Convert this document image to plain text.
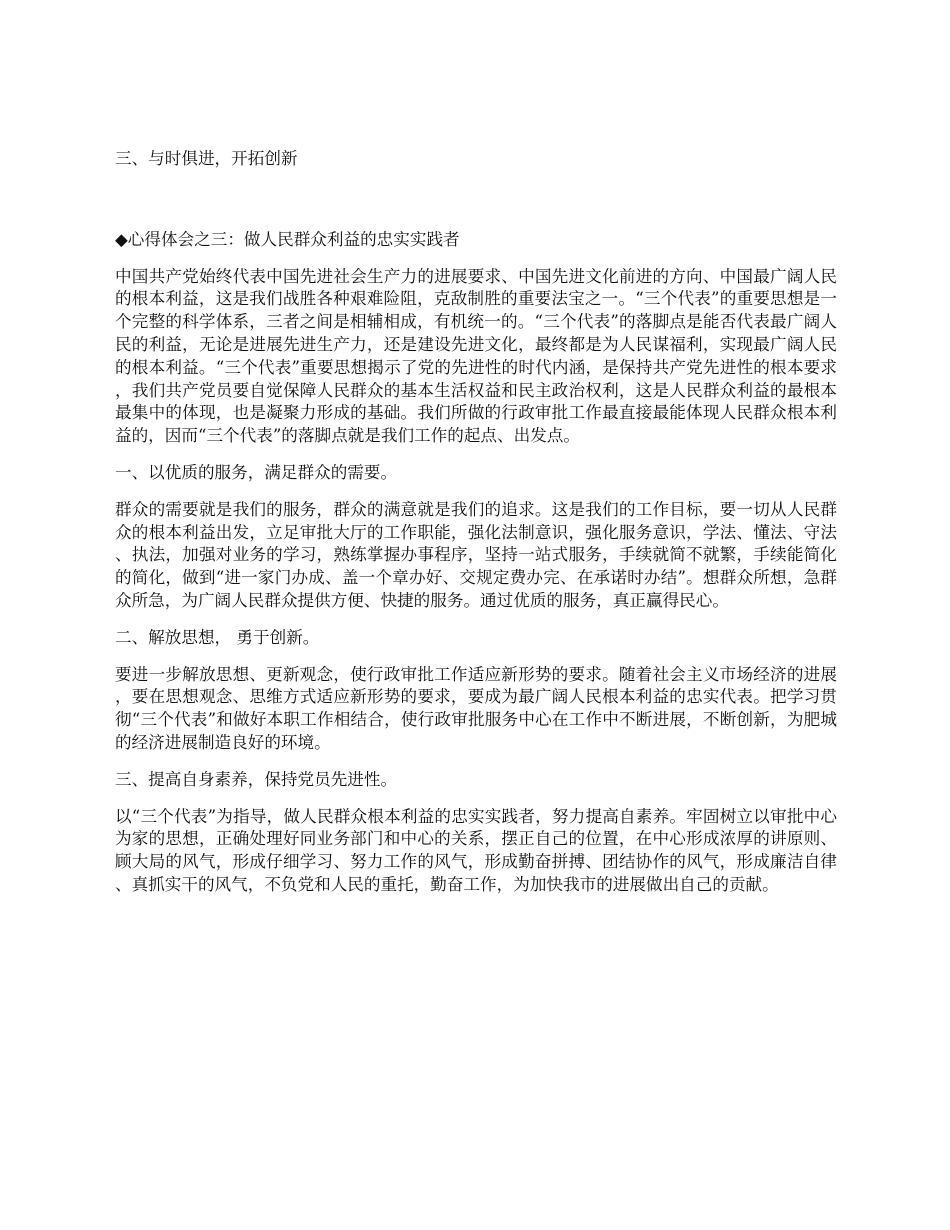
三、与时俱进，开拓创新

◆心得体会之三：做人民群众利益的忠实实践者

中国共产党始终代表中国先进社会生产力的进展要求、中国先进文化前进的方向、中国最广阔人民的根本利益，这是我们战胜各种艰难险阻，克敌制胜的重要法宝之一。“三个代表”的重要思想是一个完整的科学体系，三者之间是相辅相成，有机统一的。“三个代表”的落脚点是能否代表最广阔人民的利益，无论是进展先进生产力，还是建设先进文化，最终都是为人民谋福利，实现最广阔人民的根本利益。“三个代表”重要思想揭示了党的先进性的时代内涵，是保持共产党先进性的根本要求，我们共产党员要自觉保障人民群众的基本生活权益和民主政治权利，这是人民群众利益的最根本最集中的体现，也是凝聚力形成的基础。我们所做的行政审批工作最直接最能体现人民群众根本利益的，因而“三个代表”的落脚点就是我们工作的起点、出发点。

一、以优质的服务，满足群众的需要。

群众的需要就是我们的服务，群众的满意就是我们的追求。这是我们的工作目标，要一切从人民群众的根本利益出发，立足审批大厅的工作职能，强化法制意识，强化服务意识，学法、懂法、守法、执法，加强对业务的学习，熟练掌握办事程序，坚持一站式服务，手续就简不就繁，手续能简化的简化，做到“进一家门办成、盖一个章办好、交规定费办完、在承诺时办结”。想群众所想，急群众所急，为广阔人民群众提供方便、快捷的服务。通过优质的服务，真正赢得民心。

二、解放思想， 勇于创新。

要进一步解放思想、更新观念，使行政审批工作适应新形势的要求。随着社会主义市场经济的进展，要在思想观念、思维方式适应新形势的要求，要成为最广阔人民根本利益的忠实代表。把学习贯彻“三个代表”和做好本职工作相结合，使行政审批服务中心在工作中不断进展，不断创新，为肥城的经济进展制造良好的环境。

三、提高自身素养，保持党员先进性。

以“三个代表”为指导，做人民群众根本利益的忠实实践者，努力提高自素养。牢固树立以审批中心为家的思想，正确处理好同业务部门和中心的关系，摆正自己的位置，在中心形成浓厚的讲原则、顾大局的风气，形成仔细学习、努力工作的风气，形成勤奋拼搏、团结协作的风气，形成廉洁自律、真抓实干的风气，不负党和人民的重托，勤奋工作，为加快我市的进展做出自己的贡献。
